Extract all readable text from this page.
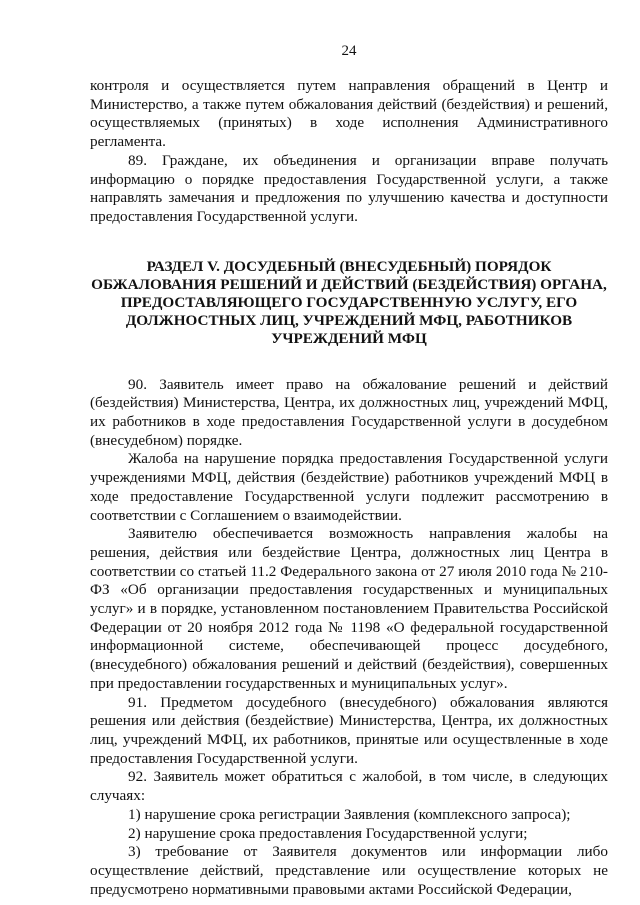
24

контроля и осуществляется путем направления обращений в Центр и Министерство, а также путем обжалования действий (бездействия) и решений, осуществляемых (принятых) в ходе исполнения Административного регламента.

89. Граждане, их объединения и организации вправе получать информацию о порядке предоставления Государственной услуги, а также направлять замечания и предложения по улучшению качества и доступности предоставления Государственной услуги.

РАЗДЕЛ V. ДОСУДЕБНЫЙ (ВНЕСУДЕБНЫЙ) ПОРЯДОК
ОБЖАЛОВАНИЯ РЕШЕНИЙ И ДЕЙСТВИЙ (БЕЗДЕЙСТВИЯ) ОРГАНА,
ПРЕДОСТАВЛЯЮЩЕГО ГОСУДАРСТВЕННУЮ УСЛУГУ, ЕГО
ДОЛЖНОСТНЫХ ЛИЦ, УЧРЕЖДЕНИЙ МФЦ, РАБОТНИКОВ
УЧРЕЖДЕНИЙ МФЦ

90. Заявитель имеет право на обжалование решений и действий (бездействия) Министерства, Центра, их должностных лиц, учреждений МФЦ, их работников в ходе предоставления Государственной услуги в досудебном (внесудебном) порядке.

Жалоба на нарушение порядка предоставления Государственной услуги учреждениями МФЦ, действия (бездействие) работников учреждений МФЦ в ходе предоставление Государственной услуги подлежит рассмотрению в соответствии с Соглашением о взаимодействии.

Заявителю обеспечивается возможность направления жалобы на решения, действия или бездействие Центра, должностных лиц Центра в соответствии со статьей 11.2 Федерального закона от 27 июля 2010 года № 210-ФЗ «Об организации предоставления государственных и муниципальных услуг» и в порядке, установленном постановлением Правительства Российской Федерации от 20 ноября 2012 года № 1198 «О федеральной государственной информационной системе, обеспечивающей процесс досудебного, (внесудебного) обжалования решений и действий (бездействия), совершенных при предоставлении государственных и муниципальных услуг».

91. Предметом досудебного (внесудебного) обжалования являются решения или действия (бездействие) Министерства, Центра, их должностных лиц, учреждений МФЦ, их работников, принятые или осуществленные в ходе предоставления Государственной услуги.

92. Заявитель может обратиться с жалобой, в том числе, в следующих случаях:

1) нарушение срока регистрации Заявления (комплексного запроса);

2) нарушение срока предоставления Государственной услуги;

3) требование от Заявителя документов или информации либо осуществление действий, представление или осуществление которых не предусмотрено нормативными правовыми актами Российской Федерации,
